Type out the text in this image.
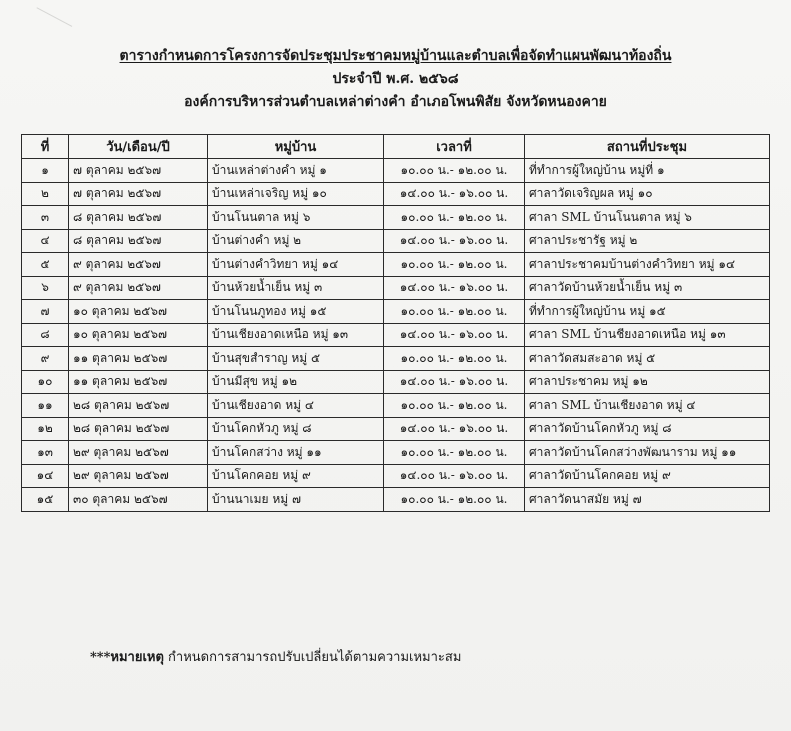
ตารางกำหนดการโครงการจัดประชุมประชาคมหมู่บ้านและตำบลเพื่อจัดทำแผนพัฒนาท้องถิ่น
ประจำปี พ.ศ. ๒๕๖๘
องค์การบริหารส่วนตำบลเหล่าต่างคำ อำเภอโพนพิสัย จังหวัดหนองคาย
ที่	วัน/เดือน/ปี	หมู่บ้าน	เวลาที่	สถานที่ประชุม
๑	๗ ตุลาคม ๒๕๖๗	บ้านเหล่าต่างคำ หมู่ ๑	๑๐.๐๐ น.- ๑๒.๐๐ น.	ที่ทำการผู้ใหญ่บ้าน หมู่ที่ ๑
๒	๗ ตุลาคม ๒๕๖๗	บ้านเหล่าเจริญ หมู่ ๑๐	๑๔.๐๐ น.- ๑๖.๐๐ น.	ศาลาวัดเจริญผล หมู่ ๑๐
๓	๘ ตุลาคม ๒๕๖๗	บ้านโนนตาล หมู่ ๖	๑๐.๐๐ น.- ๑๒.๐๐ น.	ศาลา SML บ้านโนนตาล หมู่ ๖
๔	๘ ตุลาคม ๒๕๖๗	บ้านต่างคำ หมู่ ๒	๑๔.๐๐ น.- ๑๖.๐๐ น.	ศาลาประชารัฐ หมู่ ๒
๕	๙ ตุลาคม ๒๕๖๗	บ้านต่างคำวิทยา หมู่ ๑๔	๑๐.๐๐ น.- ๑๒.๐๐ น.	ศาลาประชาคมบ้านต่างคำวิทยา หมู่ ๑๔
๖	๙ ตุลาคม ๒๕๖๗	บ้านห้วยน้ำเย็น หมู่ ๓	๑๔.๐๐ น.- ๑๖.๐๐ น.	ศาลาวัดบ้านห้วยน้ำเย็น หมู่ ๓
๗	๑๐ ตุลาคม ๒๕๖๗	บ้านโนนภูทอง หมู่ ๑๕	๑๐.๐๐ น.- ๑๒.๐๐ น.	ที่ทำการผู้ใหญ่บ้าน หมู่ ๑๕
๘	๑๐ ตุลาคม ๒๕๖๗	บ้านเชียงอาดเหนือ หมู่ ๑๓	๑๔.๐๐ น.- ๑๖.๐๐ น.	ศาลา SML บ้านชียงอาดเหนือ หมู่ ๑๓
๙	๑๑ ตุลาคม ๒๕๖๗	บ้านสุขสำราญ หมู่ ๕	๑๐.๐๐ น.- ๑๒.๐๐ น.	ศาลาวัดสมสะอาด หมู่ ๕
๑๐	๑๑ ตุลาคม ๒๕๖๗	บ้านมีสุข หมู่ ๑๒	๑๔.๐๐ น.- ๑๖.๐๐ น.	ศาลาประชาคม หมู่ ๑๒
๑๑	๒๘ ตุลาคม ๒๕๖๗	บ้านเชียงอาด หมู่ ๔	๑๐.๐๐ น.- ๑๒.๐๐ น.	ศาลา SML บ้านเชียงอาด หมู่ ๔
๑๒	๒๘ ตุลาคม ๒๕๖๗	บ้านโคกหัวภู หมู่ ๘	๑๔.๐๐ น.- ๑๖.๐๐ น.	ศาลาวัดบ้านโคกหัวภู หมู่ ๘
๑๓	๒๙ ตุลาคม ๒๕๖๗	บ้านโคกสว่าง หมู่ ๑๑	๑๐.๐๐ น.- ๑๒.๐๐ น.	ศาลาวัดบ้านโคกสว่างพัฒนาราม หมู่ ๑๑
๑๔	๒๙ ตุลาคม ๒๕๖๗	บ้านโคกคอย หมู่ ๙	๑๔.๐๐ น.- ๑๖.๐๐ น.	ศาลาวัดบ้านโคกคอย หมู่ ๙
๑๕	๓๐ ตุลาคม ๒๕๖๗	บ้านนาเมย หมู่ ๗	๑๐.๐๐ น.- ๑๒.๐๐ น.	ศาลาวัดนาสมัย หมู่ ๗
***หมายเหตุ กำหนดการสามารถปรับเปลี่ยนได้ตามความเหมาะสม
